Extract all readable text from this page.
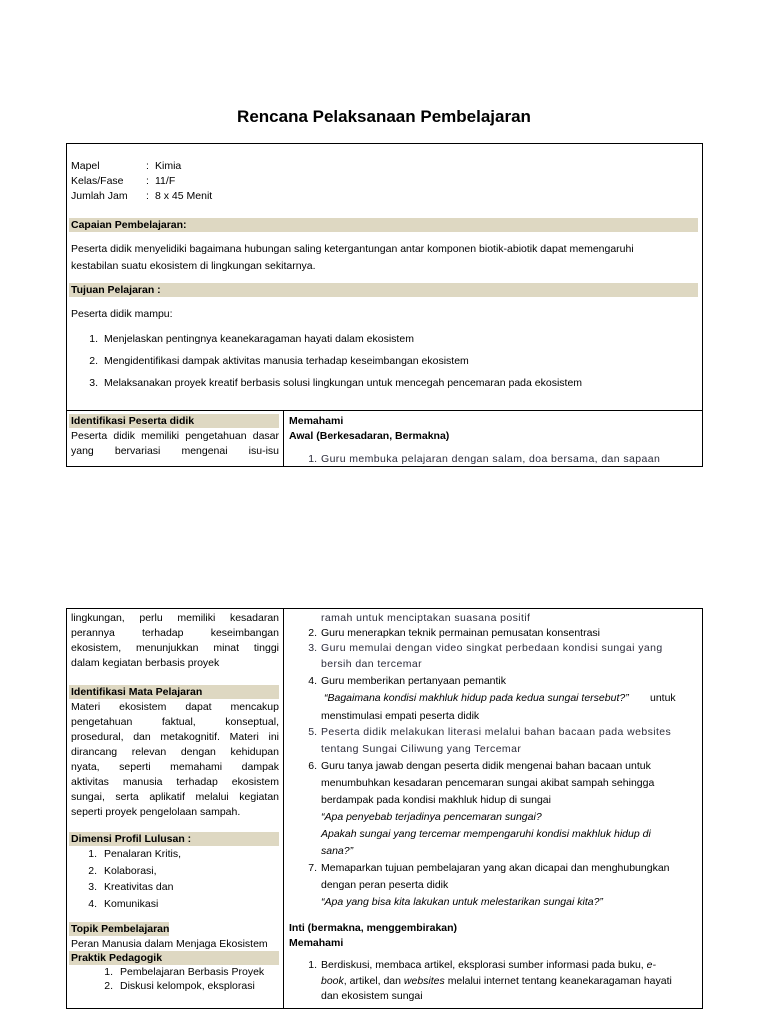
Rencana Pelaksanaan Pembelajaran
Mapel	: Kimia
Kelas/Fase : 11/F
Jumlah Jam : 8 x 45 Menit
Capaian Pembelajaran:
Peserta didik menyelidiki bagaimana hubungan saling ketergantungan antar komponen biotik-abiotik dapat memengaruhi
kestabilan suatu ekosistem di lingkungan sekitarnya.
Tujuan Pelajaran :
Peserta didik mampu:
1. Menjelaskan pentingnya keanekaragaman hayati dalam ekosistem
2. Mengidentifikasi dampak aktivitas manusia terhadap keseimbangan ekosistem
3. Melaksanakan proyek kreatif berbasis solusi lingkungan untuk mencegah pencemaran pada ekosistem
Identifikasi Peserta didik
Peserta didik memiliki pengetahuan dasar
yang bervariasi mengenai isu-isu
Memahami
Awal (Berkesadaran, Bermakna)
1. Guru membuka pelajaran dengan salam, doa bersama, dan sapaan
lingkungan, perlu memiliki kesadaran
perannya terhadap keseimbangan
ekosistem, menunjukkan minat tinggi
dalam kegiatan berbasis proyek
Identifikasi Mata Pelajaran
Materi ekosistem dapat mencakup
pengetahuan faktual, konseptual,
prosedural, dan metakognitif. Materi ini
dirancang relevan dengan kehidupan
nyata, seperti memahami dampak
aktivitas manusia terhadap ekosistem
sungai, serta aplikatif melalui kegiatan
seperti proyek pengelolaan sampah.
Dimensi Profil Lulusan :
1. Penalaran Kritis,
2. Kolaborasi,
3. Kreativitas dan
4. Komunikasi
Topik Pembelajaran
Peran Manusia dalam Menjaga Ekosistem
Praktik Pedagogik
1. Pembelajaran Berbasis Proyek
2. Diskusi kelompok, eksplorasi
ramah untuk menciptakan suasana positif
2. Guru menerapkan teknik permainan pemusatan konsentrasi
3. Guru memulai dengan video singkat perbedaan kondisi sungai yang
bersih dan tercemar
4. Guru memberikan pertanyaan pemantik
“Bagaimana kondisi makhluk hidup pada kedua sungai tersebut?” untuk
menstimulasi empati peserta didik
5. Peserta didik melakukan literasi melalui bahan bacaan pada websites
tentang Sungai Ciliwung yang Tercemar
6. Guru tanya jawab dengan peserta didik mengenai bahan bacaan untuk
menumbuhkan kesadaran pencemaran sungai akibat sampah sehingga
berdampak pada kondisi makhluk hidup di sungai
“Apa penyebab terjadinya pencemaran sungai?
Apakah sungai yang tercemar mempengaruhi kondisi makhluk hidup di
sana?”
7. Memaparkan tujuan pembelajaran yang akan dicapai dan menghubungkan
dengan peran peserta didik
“Apa yang bisa kita lakukan untuk melestarikan sungai kita?”
Inti (bermakna, menggembirakan)
Memahami
1. Berdiskusi, membaca artikel, eksplorasi sumber informasi pada buku, e-
book, artikel, dan websites melalui internet tentang keanekaragaman hayati
dan ekosistem sungai
